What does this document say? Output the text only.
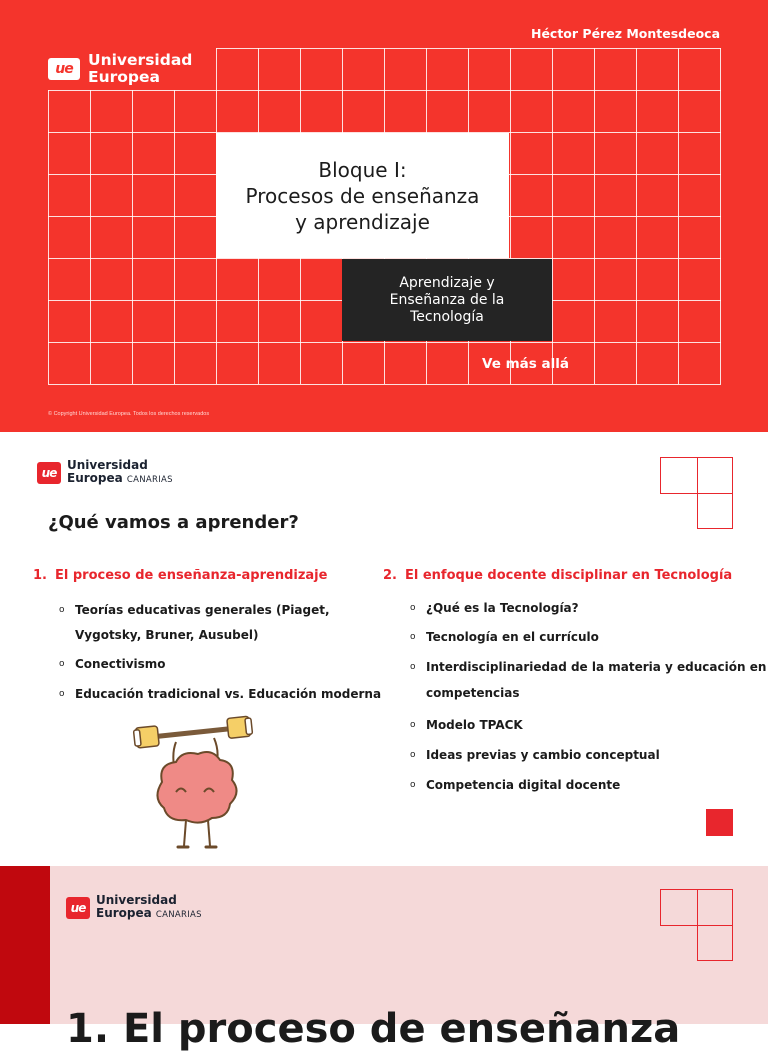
Héctor Pérez Montesdeoca
ue Universidad
Europea
Bloque I:
Procesos de enseñanza
y aprendizaje
Aprendizaje y
Enseñanza de la
Tecnología
Ve más allá
© Copyright Universidad Europea. Todos los derechos reservados
ue
Universidad
Europea CANARIAS
¿Qué vamos a aprender?
1. El proceso de enseñanza-aprendizaje
o Teorías educativas generales (Piaget,
Vygotsky, Bruner, Ausubel)
o Conectivismo
o Educación tradicional vs. Educación moderna
2. El enfoque docente disciplinar en Tecnología
o ¿Qué es la Tecnología?
o Tecnología en el currículo
o Interdisciplinariedad de la materia y educación en
competencias
o Modelo TPACK
o Ideas previas y cambio conceptual
o Competencia digital docente
ue
Universidad
Europea CANARIAS
1. El proceso de enseñanza
